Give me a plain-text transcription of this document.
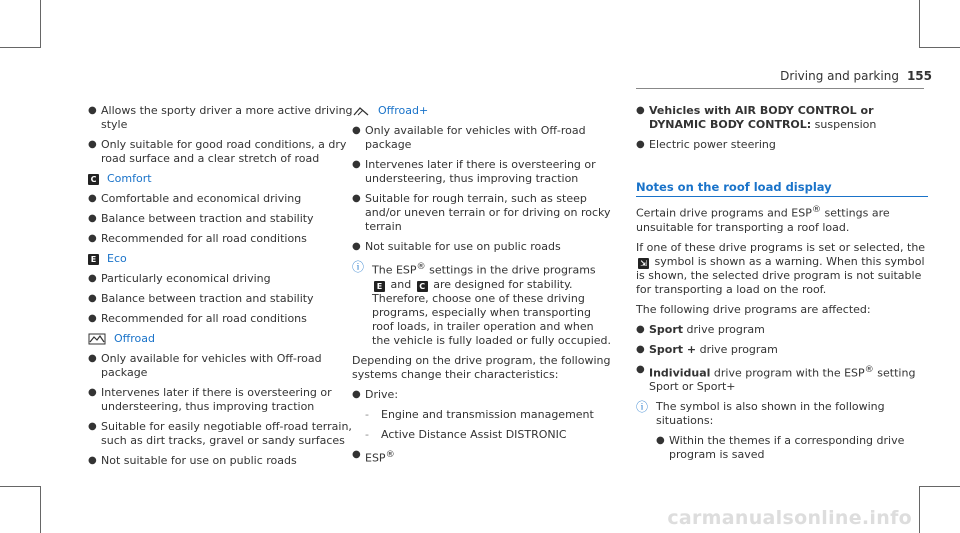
Driving and parking 155
● Allows the sporty driver a more active driving style
● Only suitable for good road conditions, a dry road surface and a clear stretch of road
C Comfort
● Comfortable and economical driving
● Balance between traction and stability
● Recommended for all road conditions
E Eco
● Particularly economical driving
● Balance between traction and stability
● Recommended for all road conditions
Offroad
● Only available for vehicles with Off-road package
● Intervenes later if there is oversteering or understeering, thus improving traction
● Suitable for easily negotiable off-road terrain, such as dirt tracks, gravel or sandy surfaces
● Not suitable for use on public roads
Offroad+
● Only available for vehicles with Off-road package
● Intervenes later if there is oversteering or understeering, thus improving traction
● Suitable for rough terrain, such as steep and/or uneven terrain or for driving on rocky terrain
● Not suitable for use on public roads
ⓘ The ESP® settings in the drive programs E and C are designed for stability. Therefore, choose one of these driving programs, especially when transporting roof loads, in trailer operation and when the vehicle is fully loaded or fully occupied.
Depending on the drive program, the following systems change their characteristics:
● Drive:
-	Engine and transmission management
-	Active Distance Assist DISTRONIC
● ESP®
● Vehicles with AIR BODY CONTROL or DYNAMIC BODY CONTROL: suspension
● Electric power steering
Notes on the roof load display
Certain drive programs and ESP® settings are unsuitable for transporting a roof load.
If one of these drive programs is set or selected, the ⇲ symbol is shown as a warning. When this symbol is shown, the selected drive program is not suitable for transporting a load on the roof.
The following drive programs are affected:
● Sport drive program
● Sport + drive program
● Individual drive program with the ESP® setting Sport or Sport+
ⓘ The symbol is also shown in the following situations:
● Within the themes if a corresponding drive program is saved
carmanualsonline.info
